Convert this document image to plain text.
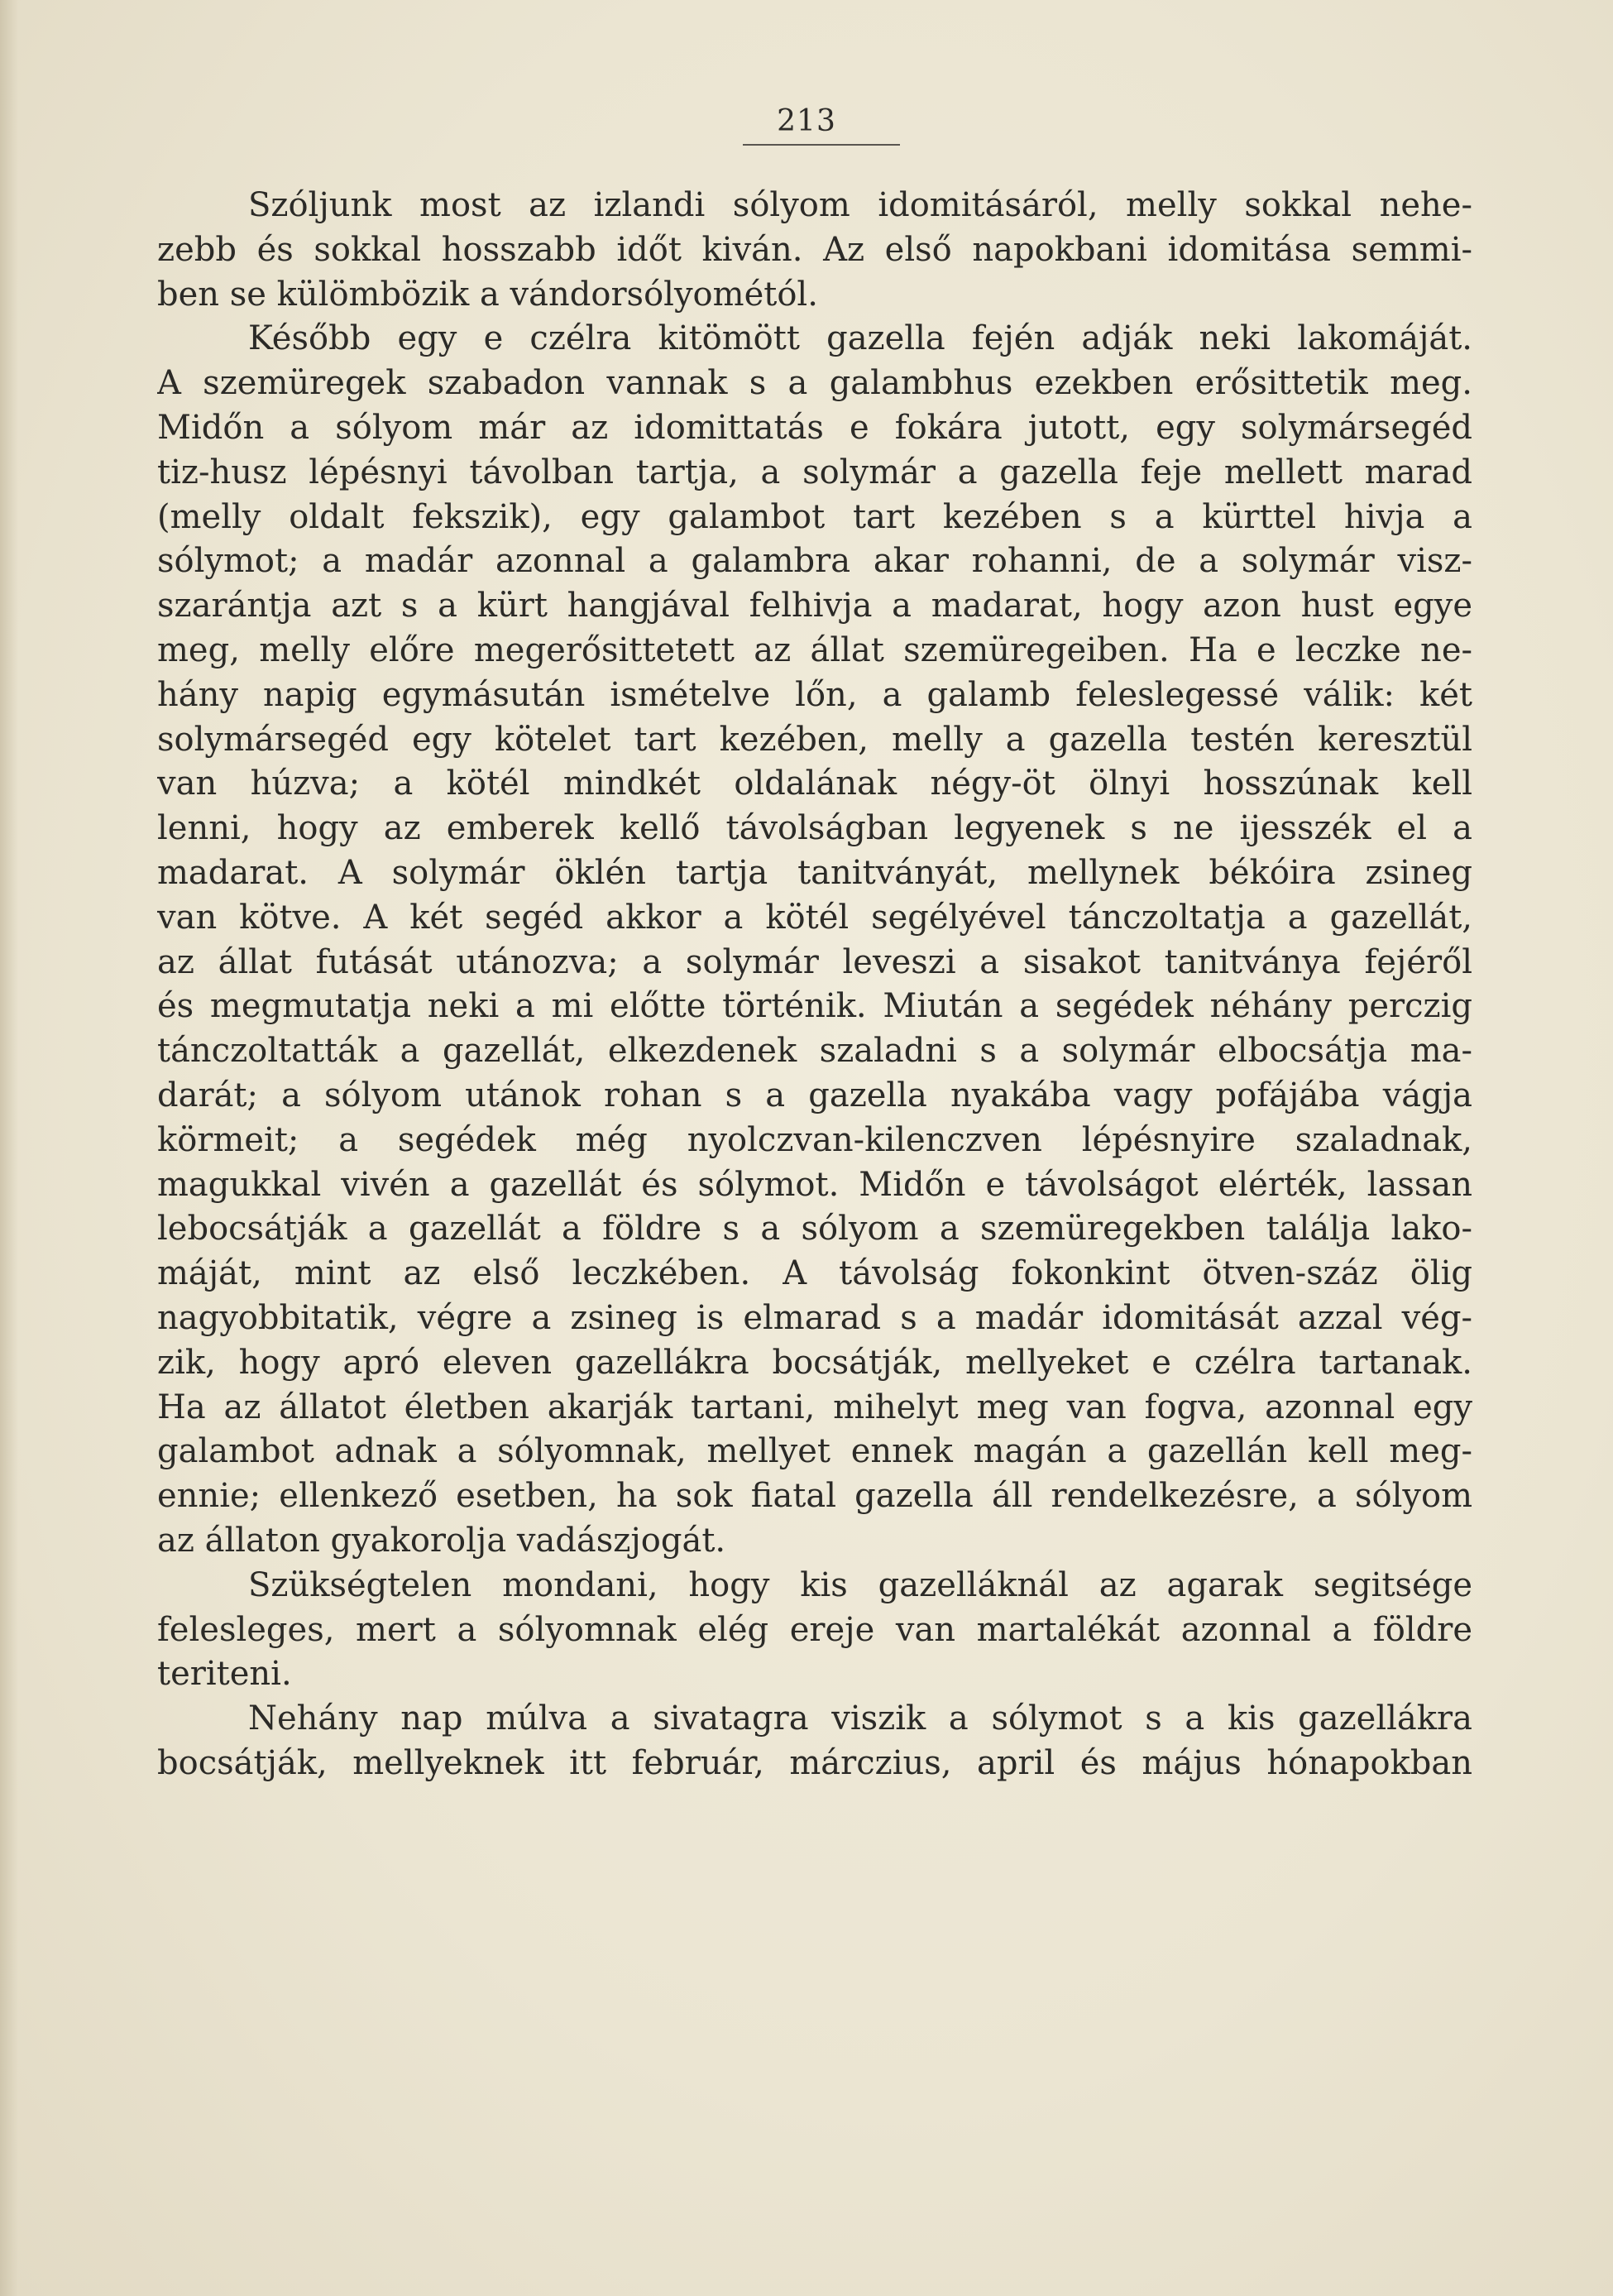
213
Szóljunk most az izlandi sólyom idomitásáról, melly sokkal nehe-
zebb és sokkal hosszabb időt kiván. Az első napokbani idomitása semmi-
ben se külömbözik a vándorsólyométól.
Később egy e czélra kitömött gazella fején adják neki lakomáját.
A szemüregek szabadon vannak s a galambhus ezekben erősittetik meg.
Midőn a sólyom már az idomittatás e fokára jutott, egy solymársegéd
tiz-husz lépésnyi távolban tartja, a solymár a gazella feje mellett marad
(melly oldalt fekszik), egy galambot tart kezében s a kürttel hivja a
sólymot; a madár azonnal a galambra akar rohanni, de a solymár visz-
szarántja azt s a kürt hangjával felhivja a madarat, hogy azon hust egye
meg, melly előre megerősittetett az állat szemüregeiben. Ha e leczke ne-
hány napig egymásután ismételve lőn, a galamb feleslegessé válik: két
solymársegéd egy kötelet tart kezében, melly a gazella testén keresztül
van húzva; a kötél mindkét oldalának négy-öt ölnyi hosszúnak kell
lenni, hogy az emberek kellő távolságban legyenek s ne ijesszék el a
madarat. A solymár öklén tartja tanitványát, mellynek békóira zsineg
van kötve. A két segéd akkor a kötél segélyével tánczoltatja a gazellát,
az állat futását utánozva; a solymár leveszi a sisakot tanitványa fejéről
és megmutatja neki a mi előtte történik. Miután a segédek néhány perczig
tánczoltatták a gazellát, elkezdenek szaladni s a solymár elbocsátja ma-
darát; a sólyom utánok rohan s a gazella nyakába vagy pofájába vágja
körmeit; a segédek még nyolczvan-kilenczven lépésnyire szaladnak,
magukkal vivén a gazellát és sólymot. Midőn e távolságot elérték, lassan
lebocsátják a gazellát a földre s a sólyom a szemüregekben találja lako-
máját, mint az első leczkében. A távolság fokonkint ötven-száz ölig
nagyobbitatik, végre a zsineg is elmarad s a madár idomitását azzal vég-
zik, hogy apró eleven gazellákra bocsátják, mellyeket e czélra tartanak.
Ha az állatot életben akarják tartani, mihelyt meg van fogva, azonnal egy
galambot adnak a sólyomnak, mellyet ennek magán a gazellán kell meg-
ennie; ellenkező esetben, ha sok fiatal gazella áll rendelkezésre, a sólyom
az állaton gyakorolja vadászjogát.
Szükségtelen mondani, hogy kis gazelláknál az agarak segitsége
felesleges, mert a sólyomnak elég ereje van martalékát azonnal a földre
teriteni.
Nehány nap múlva a sivatagra viszik a sólymot s a kis gazellákra
bocsátják, mellyeknek itt február, márczius, april és május hónapokban
